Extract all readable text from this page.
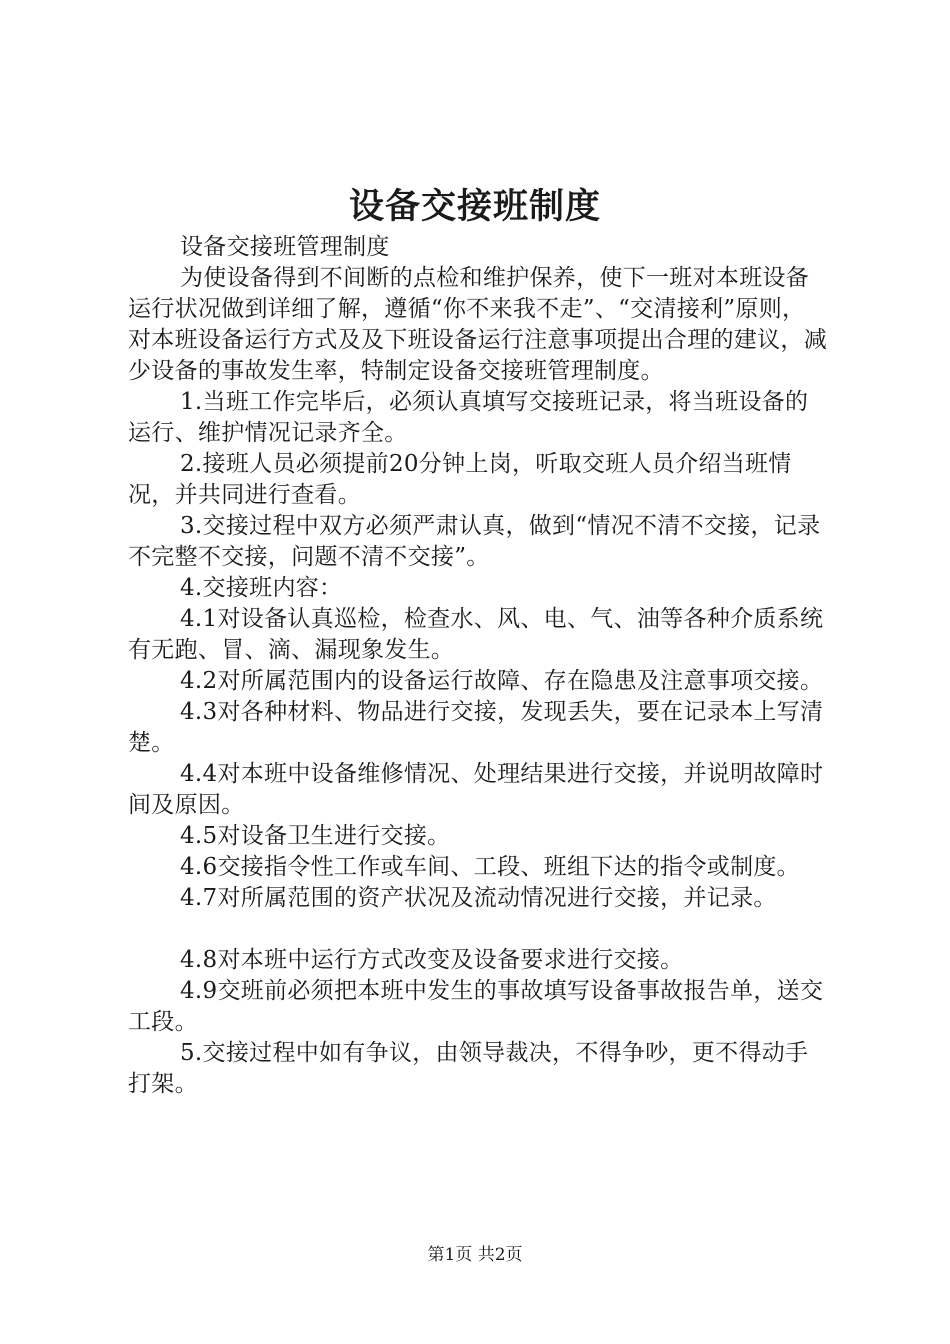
设备交接班制度

设备交接班管理制度

为使设备得到不间断的点检和维护保养，使下一班对本班设备运行状况做到详细了解，遵循“你不来我不走”、“交清接利”原则，对本班设备运行方式及及下班设备运行注意事项提出合理的建议，减少设备的事故发生率，特制定设备交接班管理制度。

1.当班工作完毕后，必须认真填写交接班记录，将当班设备的运行、维护情况记录齐全。

2.接班人员必须提前20分钟上岗，听取交班人员介绍当班情况，并共同进行查看。

3.交接过程中双方必须严肃认真，做到“情况不清不交接，记录不完整不交接，问题不清不交接”。

4.交接班内容：

4.1对设备认真巡检，检查水、风、电、气、油等各种介质系统有无跑、冒、滴、漏现象发生。

4.2对所属范围内的设备运行故障、存在隐患及注意事项交接。

4.3对各种材料、物品进行交接，发现丢失，要在记录本上写清楚。

4.4对本班中设备维修情况、处理结果进行交接，并说明故障时间及原因。

4.5对设备卫生进行交接。

4.6交接指令性工作或车间、工段、班组下达的指令或制度。

4.7对所属范围的资产状况及流动情况进行交接，并记录。

4.8对本班中运行方式改变及设备要求进行交接。

4.9交班前必须把本班中发生的事故填写设备事故报告单，送交工段。

5.交接过程中如有争议，由领导裁决，不得争吵，更不得动手打架。

第1页 共2页
